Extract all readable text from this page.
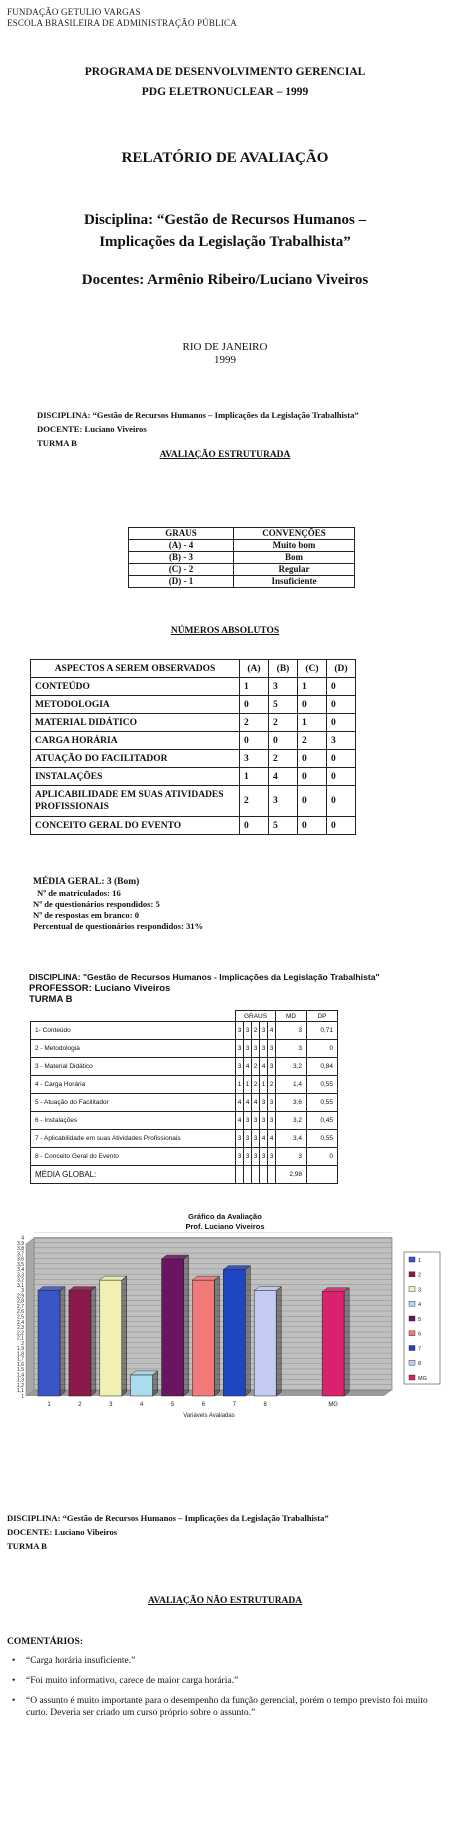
FUNDAÇÃO GETULIO VARGAS
ESCOLA BRASILEIRA DE ADMINISTRAÇÃO PÚBLICA
PROGRAMA DE DESENVOLVIMENTO GERENCIAL
PDG ELETRONUCLEAR – 1999
RELATÓRIO DE AVALIAÇÃO
Disciplina: “Gestão de Recursos Humanos –
Implicações da Legislação Trabalhista”
Docentes: Armênio Ribeiro/Luciano Viveiros
RIO DE JANEIRO
1999
DISCIPLINA: “Gestão de Recursos Humanos – Implicações da Legislação Trabalhista”
DOCENTE: Luciano Viveiros
TURMA B
AVALIAÇÃO ESTRUTURADA
GRAUS	CONVENÇÕES
(A) - 4	Muito bom
(B) - 3	Bom
(C) - 2	Regular
(D) - 1	Insuficiente
NÚMEROS ABSOLUTOS
ASPECTOS A SEREM OBSERVADOS	(A)	(B)	(C)	(D)
CONTEÚDO	1	3	1	0
METODOLOGIA	0	5	0	0
MATERIAL DIDÁTICO	2	2	1	0
CARGA HORÁRIA	0	0	2	3
ATUAÇÃO DO FACILITADOR	3	2	0	0
INSTALAÇÕES	1	4	0	0
APLICABILIDADE EM SUAS ATIVIDADES PROFISSIONAIS	2	3	0	0
CONCEITO GERAL DO EVENTO	0	5	0	0
MÉDIA GERAL: 3 (Bom)
Nº de matriculados: 16
Nº de questionários respondidos: 5
Nº de respostas em branco: 0
Percentual de questionários respondidos: 31%
DISCIPLINA: "Gestão de Recursos Humanos - Implicações da Legislação Trabalhista"
PROFESSOR: Luciano Viveiros
TURMA B
	GRAUS					MD	DP
1- Conteúdo	3	3	2	3	4	3	0,71
2 - Metodologia	3	3	3	3	3	3	0
3 - Material Didático	3	4	2	4	3	3,2	0,84
4 - Carga Horária	1	1	2	1	2	1,4	0,55
5 - Atuação do Facilitador	4	4	4	3	3	3,6	0,55
6 - Instalações	4	3	3	3	3	3,2	0,45
7 - Aplicabilidade em suas Atividades Profissionais	3	3	3	4	4	3,4	0,55
8 - Conceito Geral do Evento	3	3	3	3	3	3	0
MÉDIA GLOBAL:						2,98	
Gráfico da Avaliação
Prof. Luciano Viveiros
1
1,1
1,2
1,3
1,4
1,5
1,6
1,7
1,8
1,9
2
2,1
2,2
2,3
2,4
2,5
2,6
2,7
2,8
2,9
3
3,1
3,2
3,3
3,4
3,5
3,6
3,7
3,8
3,9
4
1	2	3	4	5	6	7	8	MG
Variáveis Avaliadas
1
2
3
4
5
6
7
8
MG
DISCIPLINA: “Gestão de Recursos Humanos – Implicações da Legislação Trabalhista”
DOCENTE: Luciano Vibeiros
TURMA B
AVALIAÇÃO NÃO ESTRUTURADA
COMENTÁRIOS:
• “Carga horária insuficiente.”
• “Foi muito informativo, carece de maior carga horária.”
• “O assunto é muito importante para o desempenho da função gerencial, porém o tempo previsto foi muito curto. Deveria ser criado um curso próprio sobre o assunto.”
